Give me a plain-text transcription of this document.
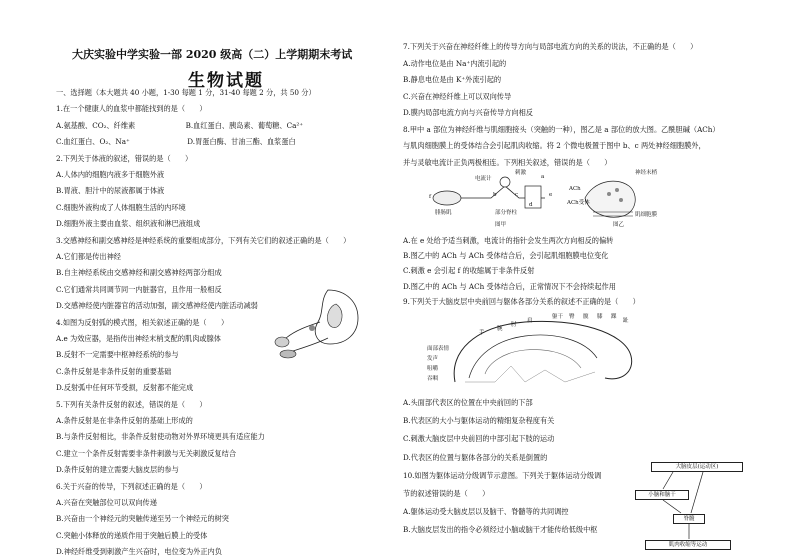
大庆实验中学实验一部 2020 级高（二）上学期期末考试
生物试题
一、选择题（本大题共 40 小题，1-30 每题 1 分，31-40 每题 2 分，共 50 分）
1.在一个健康人的血浆中都能找到的是（　　）
A.氨基酸、CO₂、纤维素　　　　　　　B.血红蛋白、胰岛素、葡萄糖、Ca²⁺
C.血红蛋白、O₂、Na⁺　　　　　　　　D.胃蛋白酶、甘油三酯、血浆蛋白
2.下列关于体液的叙述，错误的是（　　）
A.人体内的细胞内液多于细胞外液
B.胃液、胆汁中的尿液都属于体液
C.细胞外液构成了人体细胞生活的内环境
D.细胞外液主要由血浆、组织液和淋巴液组成
3.交感神经和副交感神经是神经系统的重要组成部分，下列有关它们的叙述正确的是（　　）
A.它们都是传出神经
B.自主神经系统由交感神经和副交感神经两部分组成
C.它们通常共同调节同一内脏器官，且作用一般相反
D.交感神经使内脏器官的活动加强，副交感神经使内脏活动减弱
4.如图为反射弧的模式图，相关叙述正确的是（　　）
A.e 为效应器，是指传出神经末梢支配的肌肉或腺体
B.反射不一定需要中枢神经系统的参与
C.条件反射是非条件反射的重要基础
D.反射弧中任何环节受损，反射都不能完成
5.下列有关条件反射的叙述，错误的是（　　）
A.条件反射是在非条件反射的基础上形成的
B.与条件反射相比，非条件反射使动物对外界环境更具有适应能力
C.建立一个条件反射需要非条件刺激与无关刺激反复结合
D.条件反射的建立需要大脑皮层的参与
6.关于兴奋的传导，下列叙述正确的是（　　）
A.兴奋在突触部位可以双向传递
B.兴奋由一个神经元的突触传递至另一个神经元的树突
C.突触小体释放的递质作用于突触后膜上的受体
D.神经纤维受到刺激产生兴奋时，电位变为外正内负
7.下列关于兴奋在神经纤维上的传导方向与局部电流方向的关系的说法，不正确的是（　　）
A.动作电位是由 Na⁺内流引起的
B.静息电位是由 K⁺外流引起的
C.兴奋在神经纤维上可以双向传导
D.膜内局部电流方向与兴奋传导方向相反
8.甲中 a 部位为神经纤维与肌细胞接头（突触的一种），图乙是 a 部位的放大图。乙酰胆碱（ACh）
与肌肉细胞膜上的受体结合会引起肌肉收缩。将 2 个微电极置于图中 b、c 两处神经细胞膜外，
并与灵敏电流计正负两极相连。下列相关叙述，错误的是（　　）
刺激
电流计
腓肠肌	部分脊柱
b	c
d
e
f
a
神经末梢
ACh
ACh受体
肌细胞膜
图甲	图乙
A.在 e 处给予适当刺激，电流计的指针会发生两次方向相反的偏转
B.图乙中的 ACh 与 ACh 受体结合后，会引起肌细胞膜电位变化
C.刺激 e 会引起 f 的收缩属于非条件反射
D.图乙中的 ACh 与 ACh 受体结合后，正常情况下不会持续起作用
9.下列关于大脑皮层中央前回与躯体各部分关系的叙述不正确的是（　　）
躯干 臀 髋 膝 踝
趾
肩
肘
腕
手
面部表情
发声
咀嚼
吞咽
A.头面部代表区的位置在中央前回的下部
B.代表区的大小与躯体运动的精细复杂程度有关
C.刺激大脑皮层中央前回的中部引起下肢的运动
D.代表区的位置与躯体各部分的关系是倒置的
10.如图为躯体运动分级调节示意图。下列关于躯体运动分级调
节的叙述错误的是（　　）
A.躯体运动受大脑皮层以及脑干、脊髓等的共同调控
B.大脑皮层发出的指令必须经过小脑或脑干才能传给低级中枢
大脑皮层(运动区)
小脑和脑干
脊髓
肌肉收缩等运动
